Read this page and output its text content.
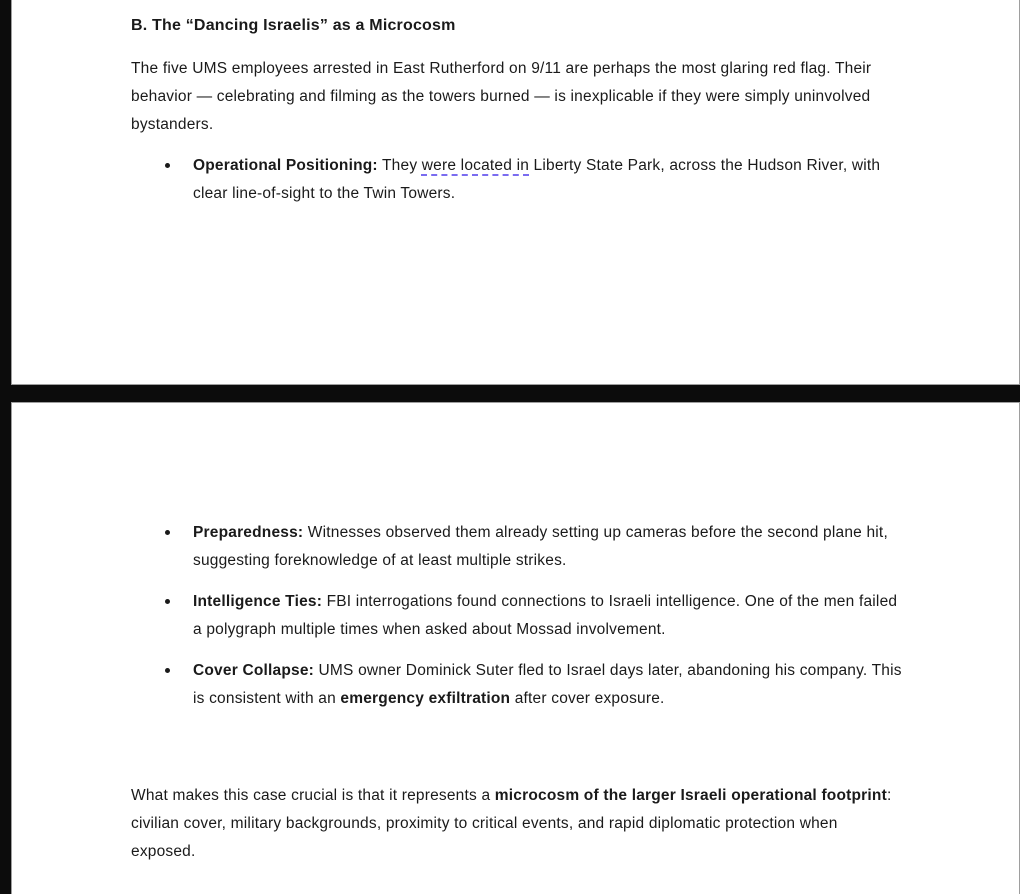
B. The “Dancing Israelis” as a Microcosm

The five UMS employees arrested in East Rutherford on 9/11 are perhaps the most glaring red flag. Their behavior — celebrating and filming as the towers burned — is inexplicable if they were simply uninvolved bystanders.

Operational Positioning: They were located in Liberty State Park, across the Hudson River, with clear line-of-sight to the Twin Towers.
Preparedness: Witnesses observed them already setting up cameras before the second plane hit, suggesting foreknowledge of at least multiple strikes.
Intelligence Ties: FBI interrogations found connections to Israeli intelligence. One of the men failed a polygraph multiple times when asked about Mossad involvement.
Cover Collapse: UMS owner Dominick Suter fled to Israel days later, abandoning his company. This is consistent with an emergency exfiltration after cover exposure.

What makes this case crucial is that it represents a microcosm of the larger Israeli operational footprint: civilian cover, military backgrounds, proximity to critical events, and rapid diplomatic protection when exposed.
